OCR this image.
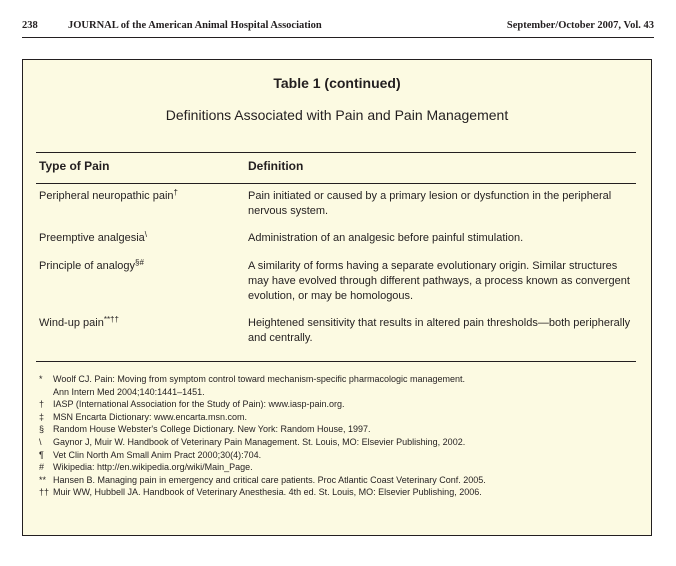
238	JOURNAL of the American Animal Hospital Association	September/October 2007, Vol. 43
Table 1 (continued)
Definitions Associated with Pain and Pain Management
Type of Pain	Definition
Peripheral neuropathic pain†	Pain initiated or caused by a primary lesion or dysfunction in the peripheral nervous system.
Preemptive analgesia\	Administration of an analgesic before painful stimulation.
Principle of analogy§#	A similarity of forms having a separate evolutionary origin. Similar structures may have evolved through different pathways, a process known as convergent evolution, or may be homologous.
Wind-up pain**††	Heightened sensitivity that results in altered pain thresholds—both peripherally and centrally.
*	Woolf CJ. Pain: Moving from symptom control toward mechanism-specific pharmacologic management.
Ann Intern Med 2004;140:1441–1451.
† IASP (International Association for the Study of Pain): www.iasp-pain.org.
‡ MSN Encarta Dictionary: www.encarta.msn.com.
§ Random House Webster's College Dictionary. New York: Random House, 1997.
\	Gaynor J, Muir W. Handbook of Veterinary Pain Management. St. Louis, MO: Elsevier Publishing, 2002.
¶	Vet Clin North Am Small Anim Pract 2000;30(4):704.
# Wikipedia: http://en.wikipedia.org/wiki/Main_Page.
** Hansen B. Managing pain in emergency and critical care patients. Proc Atlantic Coast Veterinary Conf. 2005.
†† Muir WW, Hubbell JA. Handbook of Veterinary Anesthesia. 4th ed. St. Louis, MO: Elsevier Publishing, 2006.
